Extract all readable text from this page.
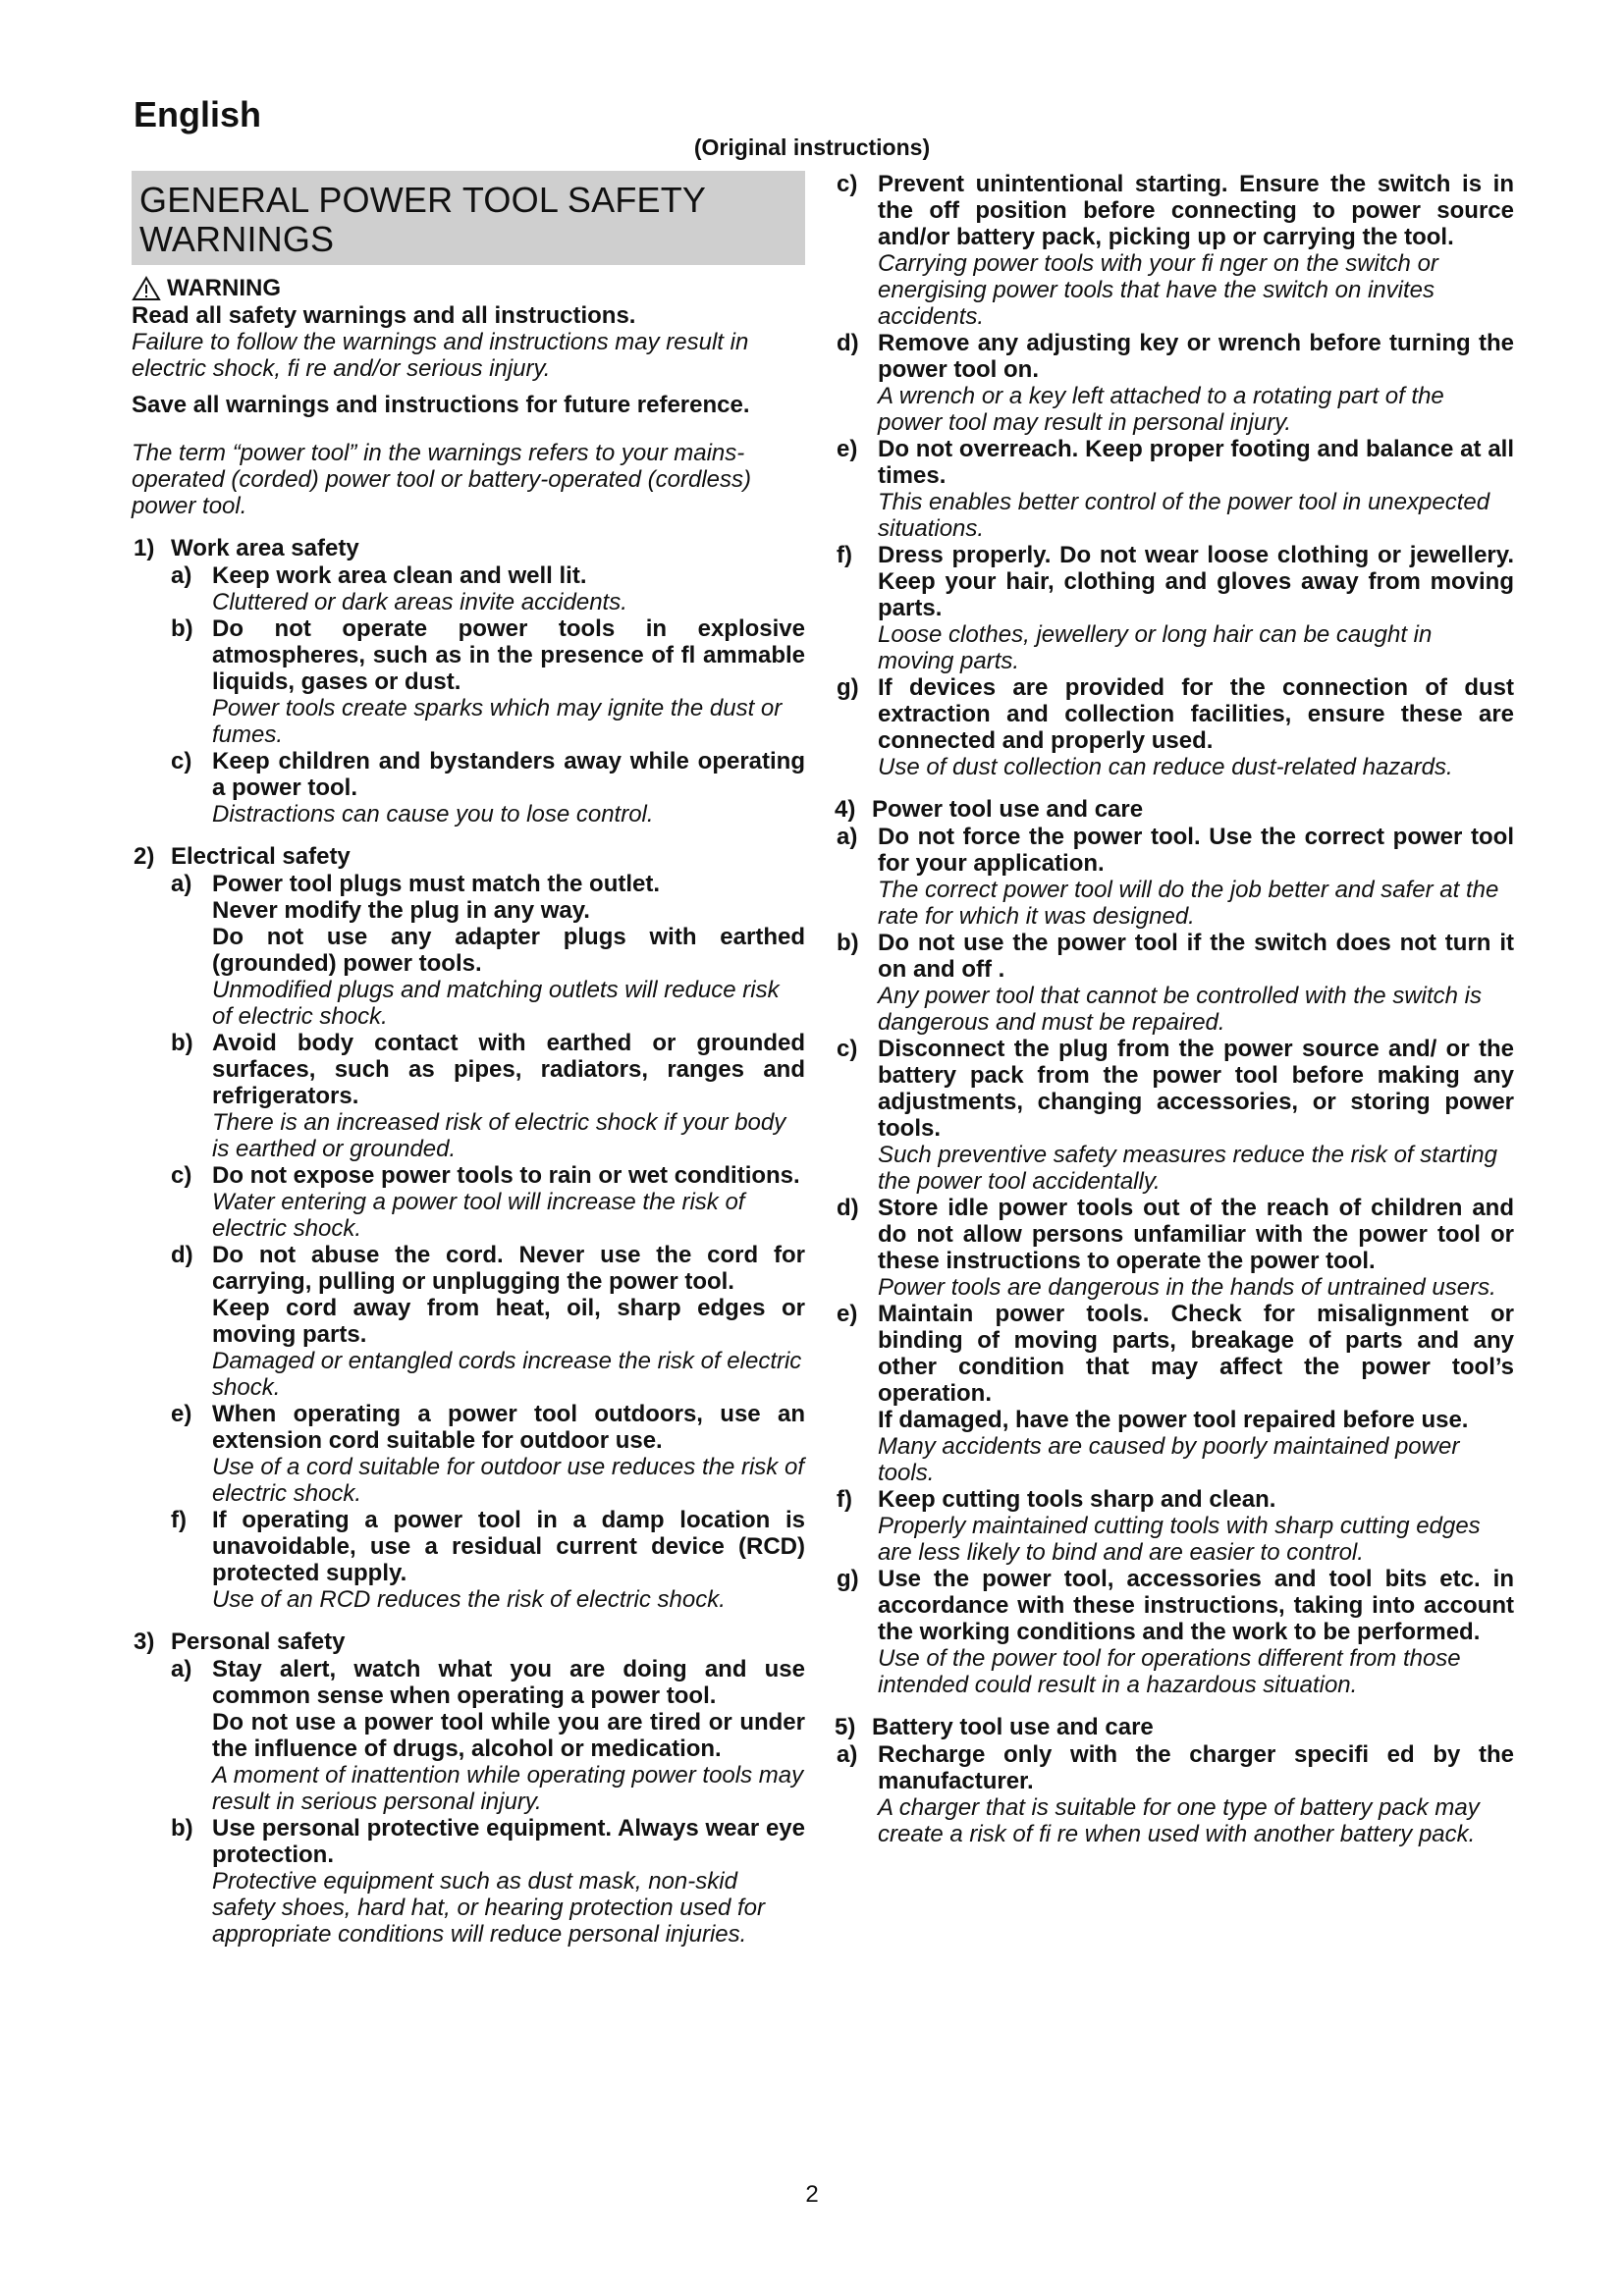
English
(Original instructions)
GENERAL POWER TOOL SAFETY
WARNINGS
WARNING

Read all safety warnings and all instructions.

Failure to follow the warnings and instructions may result in electric shock, fi re and/or serious injury.

Save all warnings and instructions for future reference.

The term “power tool” in the warnings refers to your mains-operated (corded) power tool or battery-operated (cordless) power tool.

1) Work area safety
a) Keep work area clean and well lit.

Cluttered or dark areas invite accidents.

b) Do not operate power tools in explosive atmospheres, such as in the presence of fl ammable liquids, gases or dust.

Power tools create sparks which may ignite the dust or fumes.

c) Keep children and bystanders away while operating a power tool.

Distractions can cause you to lose control.

2) Electrical safety
a) Power tool plugs must match the outlet.

Never modify the plug in any way.

Do not use any adapter plugs with earthed (grounded) power tools.

Unmodified plugs and matching outlets will reduce risk of electric shock.

b) Avoid body contact with earthed or grounded surfaces, such as pipes, radiators, ranges and refrigerators.

There is an increased risk of electric shock if your body is earthed or grounded.

c) Do not expose power tools to rain or wet conditions.

Water entering a power tool will increase the risk of electric shock.

d) Do not abuse the cord. Never use the cord for carrying, pulling or unplugging the power tool.

Keep cord away from heat, oil, sharp edges or moving parts.

Damaged or entangled cords increase the risk of electric shock.

e) When operating a power tool outdoors, use an extension cord suitable for outdoor use.

Use of a cord suitable for outdoor use reduces the risk of electric shock.

f)	If operating a power tool in a damp location is unavoidable, use a residual current device (RCD) protected supply.

Use of an RCD reduces the risk of electric shock.

3) Personal safety
a) Stay alert, watch what you are doing and use common sense when operating a power tool.

Do not use a power tool while you are tired or under the influence of drugs, alcohol or medication.

A moment of inattention while operating power tools may result in serious personal injury.

b) Use personal protective equipment. Always wear eye protection.

Protective equipment such as dust mask, non-skid safety shoes, hard hat, or hearing protection used for appropriate conditions will reduce personal injuries.

c) Prevent unintentional starting. Ensure the switch is in the off position before connecting to power source and/or battery pack, picking up or carrying the tool.

Carrying power tools with your fi nger on the switch or energising power tools that have the switch on invites accidents.

d) Remove any adjusting key or wrench before turning the power tool on.

A wrench or a key left attached to a rotating part of the power tool may result in personal injury.

e) Do not overreach. Keep proper footing and balance at all times.

This enables better control of the power tool in unexpected situations.

f)	Dress properly. Do not wear loose clothing or jewellery. Keep your hair, clothing and gloves away from moving parts.

Loose clothes, jewellery or long hair can be caught in moving parts.

g) If devices are provided for the connection of dust extraction and collection facilities, ensure these are connected and properly used.

Use of dust collection can reduce dust-related hazards.

4) Power tool use and care
a) Do not force the power tool. Use the correct power tool for your application.

The correct power tool will do the job better and safer at the rate for which it was designed.

b) Do not use the power tool if the switch does not turn it on and off .

Any power tool that cannot be controlled with the switch is dangerous and must be repaired.

c) Disconnect the plug from the power source and/ or the battery pack from the power tool before making any adjustments, changing accessories, or storing power tools.

Such preventive safety measures reduce the risk of starting the power tool accidentally.

d) Store idle power tools out of the reach of children and do not allow persons unfamiliar with the power tool or these instructions to operate the power tool.

Power tools are dangerous in the hands of untrained users.

e) Maintain power tools. Check for misalignment or binding of moving parts, breakage of parts and any other condition that may affect the power tool’s operation.

If damaged, have the power tool repaired before use.

Many accidents are caused by poorly maintained power tools.

f)	Keep cutting tools sharp and clean.

Properly maintained cutting tools with sharp cutting edges are less likely to bind and are easier to control.

g) Use the power tool, accessories and tool bits etc. in accordance with these instructions, taking into account the working conditions and the work to be performed.

Use of the power tool for operations different from those intended could result in a hazardous situation.

5) Battery tool use and care
a) Recharge only with the charger specifi ed by the manufacturer.

A charger that is suitable for one type of battery pack may create a risk of fi re when used with another battery pack.

2
